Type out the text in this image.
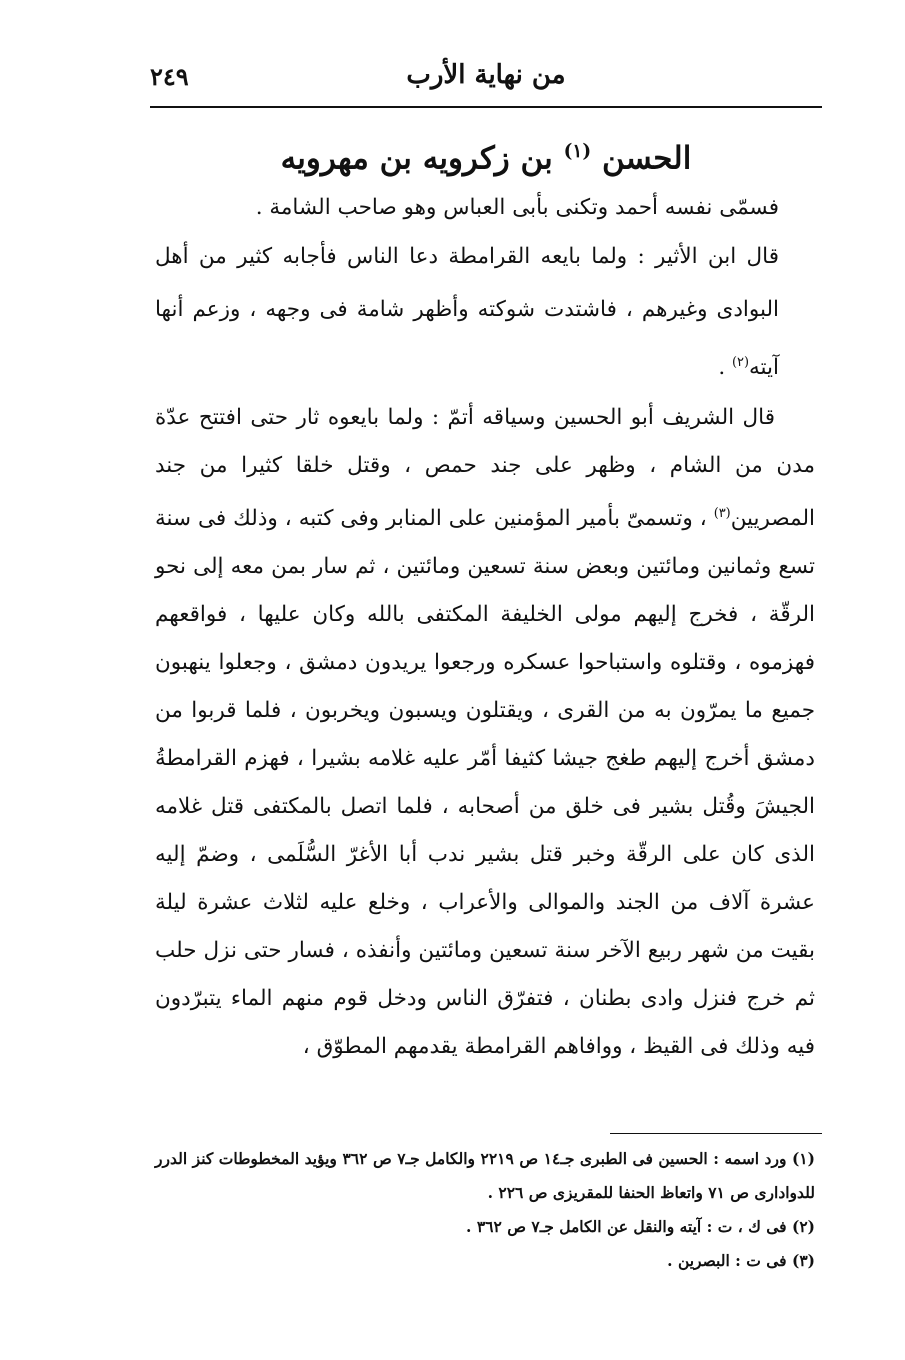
من نهاية الأرب
٢٤٩
الحسن $^{(١)}$ بن زكرويه بن مهرويه

فسمّى نفسه أحمد وتكنى بأبى العباس وهو صاحب الشامة .

قال ابن الأثير : ولما بايعه القرامطة دعا الناس فأجابه كثير من أهل البوادى وغيرهم ، فاشتدت شوكته وأظهر شامة فى وجهه ، وزعم أنها آيته$^{(٢)}$ .

قال الشريف أبو الحسين وسياقه أتمّ : ولما بايعوه ثار حتى افتتح عدّة مدن من الشام ، وظهر على جند حمص ، وقتل خلقا كثيرا من جند المصريين$^{(٣)}$ ، وتسمىّ بأمير المؤمنين على المنابر وفى كتبه ، وذلك فى سنة تسع وثمانين ومائتين وبعض سنة تسعين ومائتين ، ثم سار بمن معه إلى نحو الرقّة ، فخرج إليهم مولى الخليفة المكتفى بالله وكان عليها ، فواقعهم فهزموه ، وقتلوه واستباحوا عسكره ورجعوا يريدون دمشق ، وجعلوا ينهبون جميع ما يمرّون به من القرى ، ويقتلون ويسبون ويخربون ، فلما قربوا من دمشق أخرج إليهم طغج جيشا كثيفا أمّر عليه غلامه بشيرا ، فهزم القرامطةُ الجيشَ وقُتل بشير فى خلق من أصحابه ، فلما اتصل بالمكتفى قتل غلامه الذى كان على الرقّة وخبر قتل بشير ندب أبا الأغرّ السُّلَمى ، وضمّ إليه عشرة آلاف من الجند والموالى والأعراب ، وخلع عليه لثلاث عشرة ليلة بقيت من شهر ربيع الآخر سنة تسعين ومائتين وأنفذه ، فسار حتى نزل حلب ثم خرج فنزل وادى بطنان ، فتفرّق الناس ودخل قوم منهم الماء يتبرّدون فيه وذلك فى القيظ ، ووافاهم القرامطة يقدمهم المطوّق ،

(١) ورد اسمه : الحسين فى الطبرى جـ١٤ ص ٢٢١٩ والكامل جـ٧ ص ٣٦٢ ويؤيد المخطوطات كنز الدرر للدوادارى ص ٧١ واتعاظ الحنفا للمقريزى ص ٢٢٦ .

(٢) فى ك ، ت : آيته والنقل عن الكامل جـ٧ ص ٣٦٢ .

(٣) فى ت : البصرين .
